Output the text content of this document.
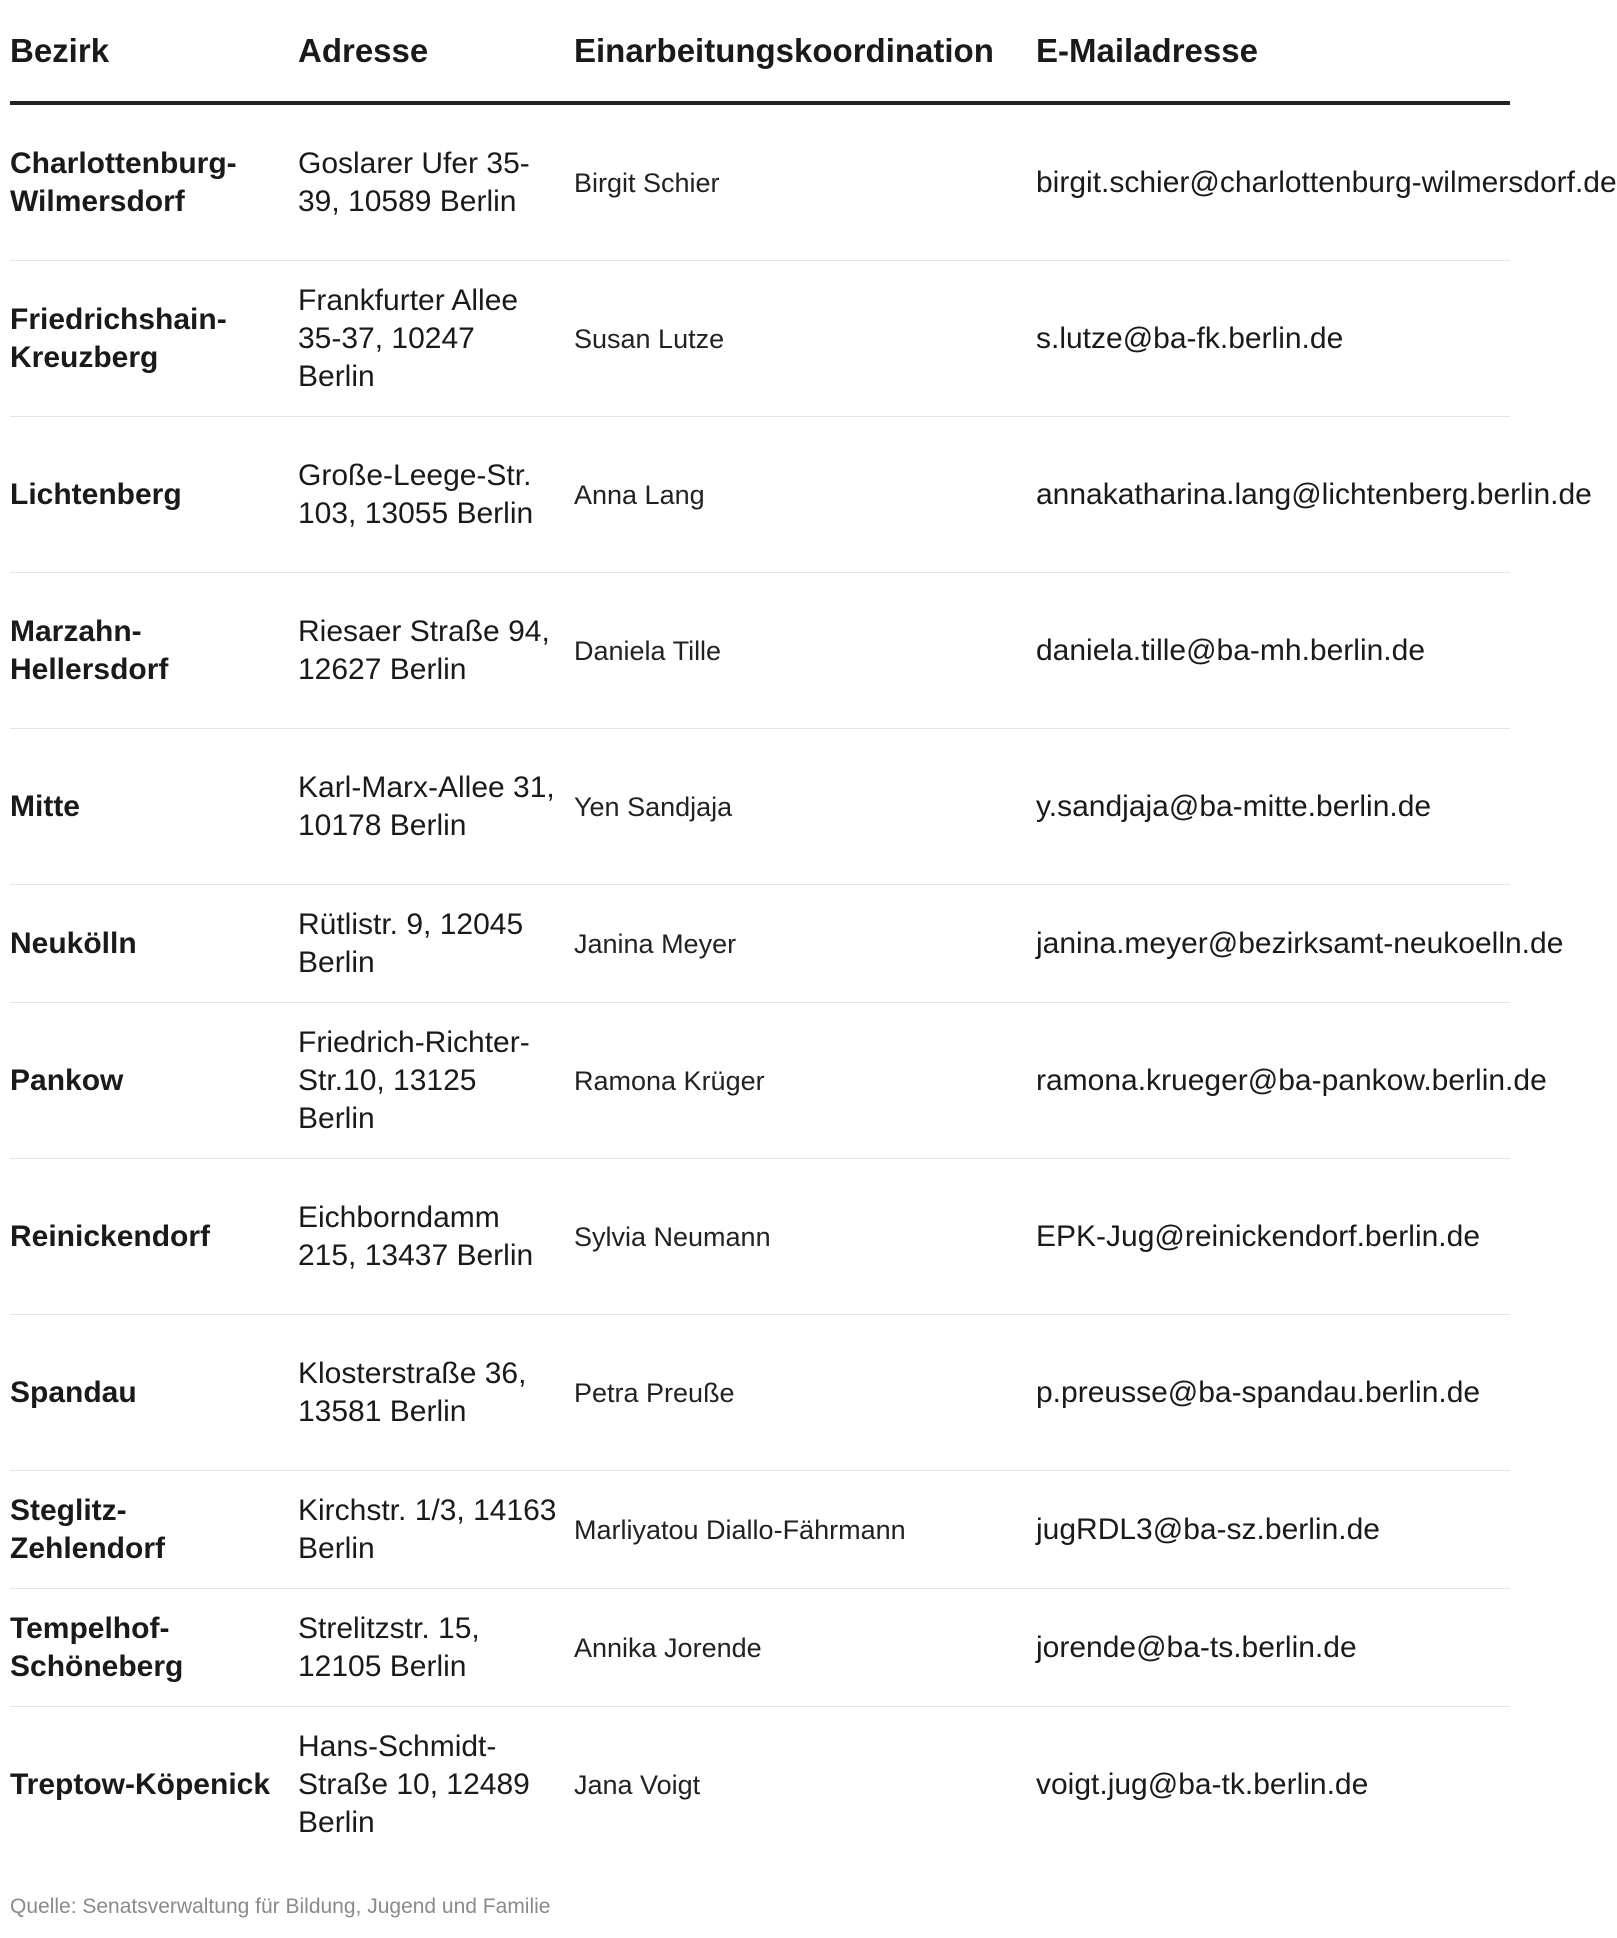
Bezirk	Adresse	Einarbeitungskoordination	E-Mailadresse
Charlottenburg-Wilmersdorf	Goslarer Ufer 35-39, 10589 Berlin	Birgit Schier	birgit.schier@charlottenburg-wilmersdorf.de
Friedrichshain-Kreuzberg	Frankfurter Allee 35-37, 10247 Berlin	Susan Lutze	s.lutze@ba-fk.berlin.de
Lichtenberg	Große-Leege-Str. 103, 13055 Berlin	Anna Lang	annakatharina.lang@lichtenberg.berlin.de
Marzahn-Hellersdorf	Riesaer Straße 94, 12627 Berlin	Daniela Tille	daniela.tille@ba-mh.berlin.de
Mitte	Karl-Marx-Allee 31, 10178 Berlin	Yen Sandjaja	y.sandjaja@ba-mitte.berlin.de
Neukölln	Rütlistr. 9, 12045 Berlin	Janina Meyer	janina.meyer@bezirksamt-neukoelln.de
Pankow	Friedrich-Richter-Str.10, 13125 Berlin	Ramona Krüger	ramona.krueger@ba-pankow.berlin.de
Reinickendorf	Eichborndamm 215, 13437 Berlin	Sylvia Neumann	EPK-Jug@reinickendorf.berlin.de
Spandau	Klosterstraße 36, 13581 Berlin	Petra Preuße	p.preusse@ba-spandau.berlin.de
Steglitz-Zehlendorf	Kirchstr. 1/3, 14163 Berlin	Marliyatou Diallo-Fährmann	jugRDL3@ba-sz.berlin.de
Tempelhof-Schöneberg	Strelitzstr. 15, 12105 Berlin	Annika Jorende	jorende@ba-ts.berlin.de
Treptow-Köpenick	Hans-Schmidt-Straße 10, 12489 Berlin	Jana Voigt	voigt.jug@ba-tk.berlin.de
Quelle: Senatsverwaltung für Bildung, Jugend und Familie
